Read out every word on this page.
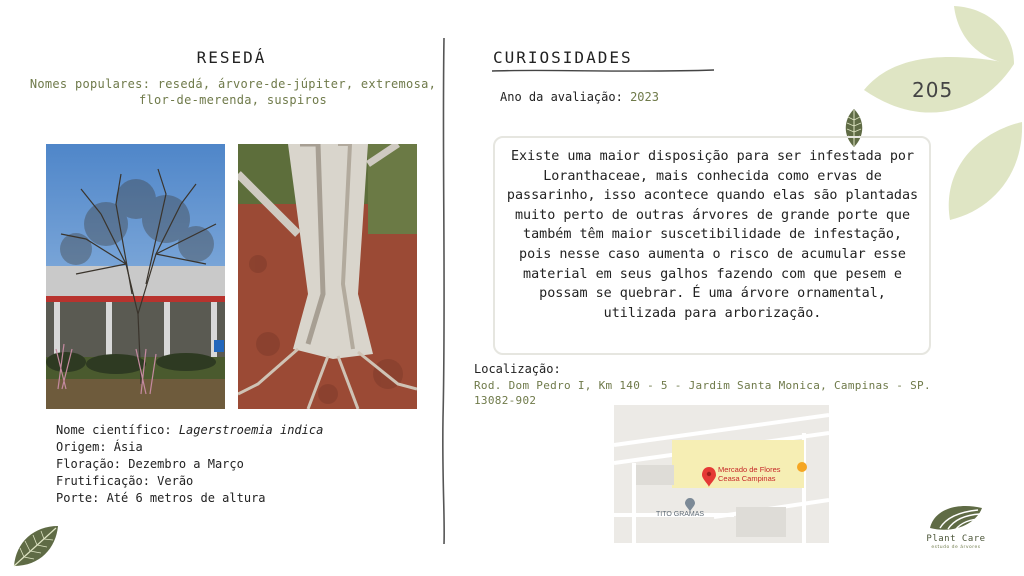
RESEDÁ
Nomes populares: resedá, árvore-de-júpiter, extremosa,
flor-de-merenda, suspiros
Nome científico: Lagerstroemia indica
Origem: Ásia
Floração: Dezembro a Março
Frutificação: Verão
Porte: Até 6 metros de altura
CURIOSIDADES
Ano da avaliação: 2023	205
Existe uma maior disposição para ser infestada por Loranthaceae, mais conhecida como ervas de passarinho, isso acontece quando elas são plantadas muito perto de outras árvores de grande porte que também têm maior suscetibilidade de infestação, pois nesse caso aumenta o risco de acumular esse material em seus galhos fazendo com que pesem e possam se quebrar. É uma árvore ornamental, utilizada para arborização.
Localização:
Rod. Dom Pedro I, Km 140 - 5 - Jardim Santa Monica, Campinas - SP.
13082-902
Mercado de Flores
Ceasa Campinas
TITO GRAMAS
Plant Care
estudo de árvores
